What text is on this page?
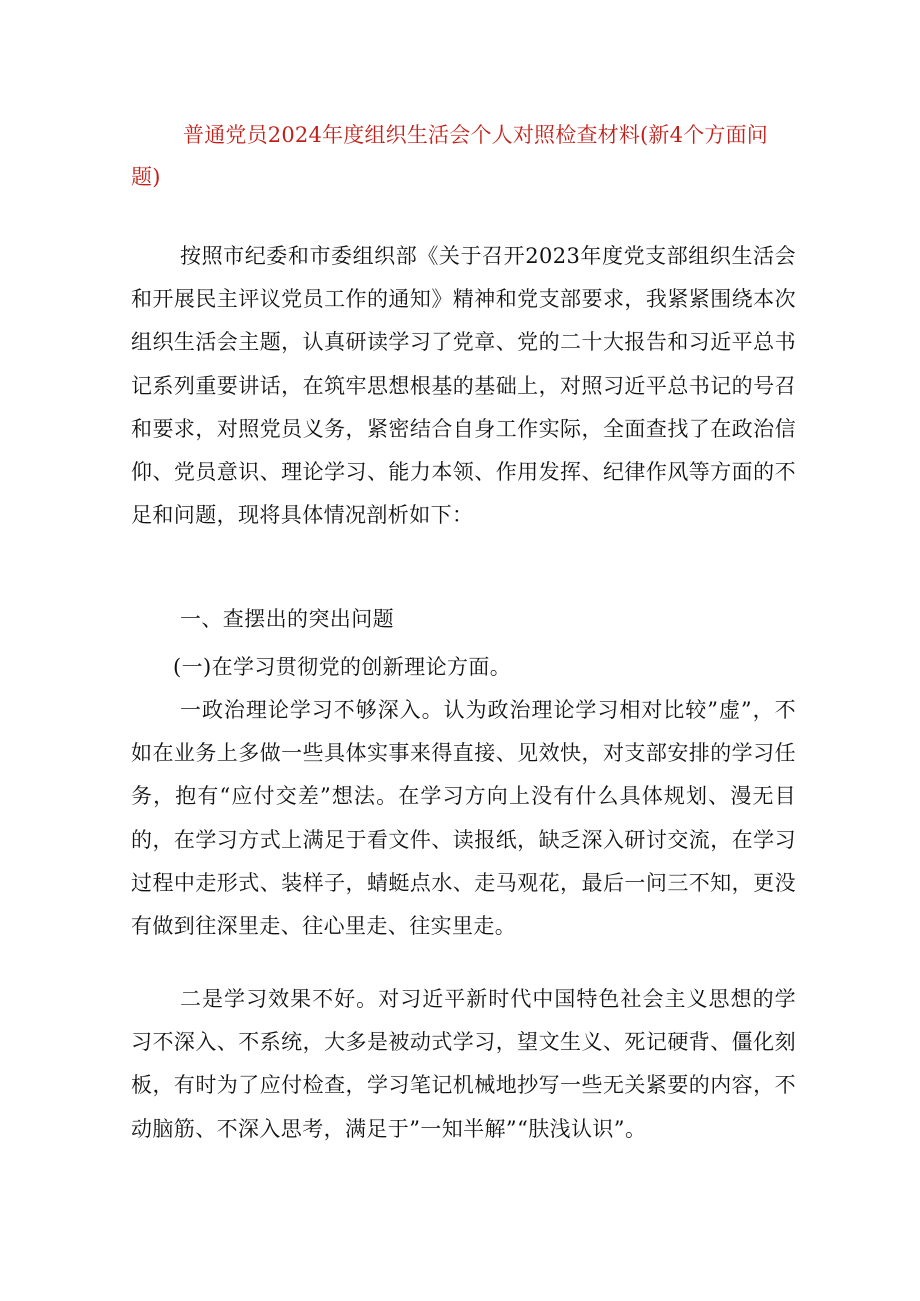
普通党员2024年度组织生活会个人对照检查材料(新4个方面问题)
按照市纪委和市委组织部《关于召开2023年度党支部组织生活会和开展民主评议党员工作的通知》精神和党支部要求，我紧紧围绕本次组织生活会主题，认真研读学习了党章、党的二十大报告和习近平总书记系列重要讲话，在筑牢思想根基的基础上，对照习近平总书记的号召和要求，对照党员义务，紧密结合自身工作实际，全面查找了在政治信仰、党员意识、理论学习、能力本领、作用发挥、纪律作风等方面的不足和问题，现将具体情况剖析如下：
一、查摆出的突出问题
(一)在学习贯彻党的创新理论方面。
一政治理论学习不够深入。认为政治理论学习相对比较”虚”，不如在业务上多做一些具体实事来得直接、见效快，对支部安排的学习任务，抱有“应付交差”想法。在学习方向上没有什么具体规划、漫无目的，在学习方式上满足于看文件、读报纸，缺乏深入研讨交流，在学习过程中走形式、装样子，蜻蜓点水、走马观花，最后一问三不知，更没有做到往深里走、往心里走、往实里走。
二是学习效果不好。对习近平新时代中国特色社会主义思想的学习不深入、不系统，大多是被动式学习，望文生义、死记硬背、僵化刻板，有时为了应付检查，学习笔记机械地抄写一些无关紧要的内容，不动脑筋、不深入思考，满足于”一知半解”“肤浅认识”。
